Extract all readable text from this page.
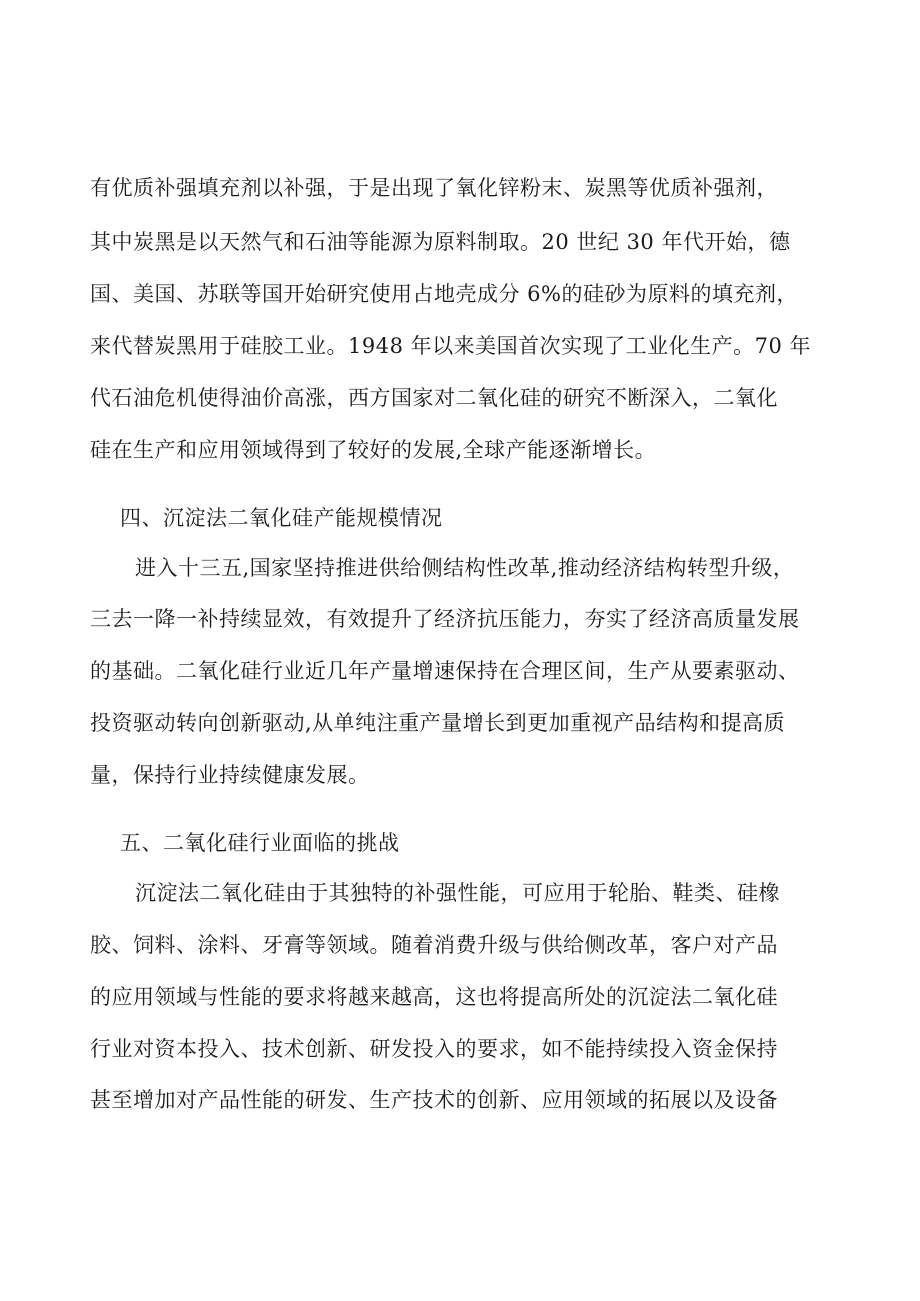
有优质补强填充剂以补强，于是出现了氧化锌粉末、炭黑等优质补强剂，
其中炭黑是以天然气和石油等能源为原料制取。20 世纪 30 年代开始，德
国、美国、苏联等国开始研究使用占地壳成分 6%的硅砂为原料的填充剂，
来代替炭黑用于硅胶工业。1948 年以来美国首次实现了工业化生产。70 年
代石油危机使得油价高涨，西方国家对二氧化硅的研究不断深入，二氧化
硅在生产和应用领域得到了较好的发展,全球产能逐渐增长。
四、沉淀法二氧化硅产能规模情况
进入十三五,国家坚持推进供给侧结构性改革,推动经济结构转型升级，
三去一降一补持续显效，有效提升了经济抗压能力，夯实了经济高质量发展
的基础。二氧化硅行业近几年产量增速保持在合理区间，生产从要素驱动、
投资驱动转向创新驱动,从单纯注重产量增长到更加重视产品结构和提高质
量，保持行业持续健康发展。
五、二氧化硅行业面临的挑战
沉淀法二氧化硅由于其独特的补强性能，可应用于轮胎、鞋类、硅橡
胶、饲料、涂料、牙膏等领域。随着消费升级与供给侧改革，客户对产品
的应用领域与性能的要求将越来越高，这也将提高所处的沉淀法二氧化硅
行业对资本投入、技术创新、研发投入的要求，如不能持续投入资金保持
甚至增加对产品性能的研发、生产技术的创新、应用领域的拓展以及设备
